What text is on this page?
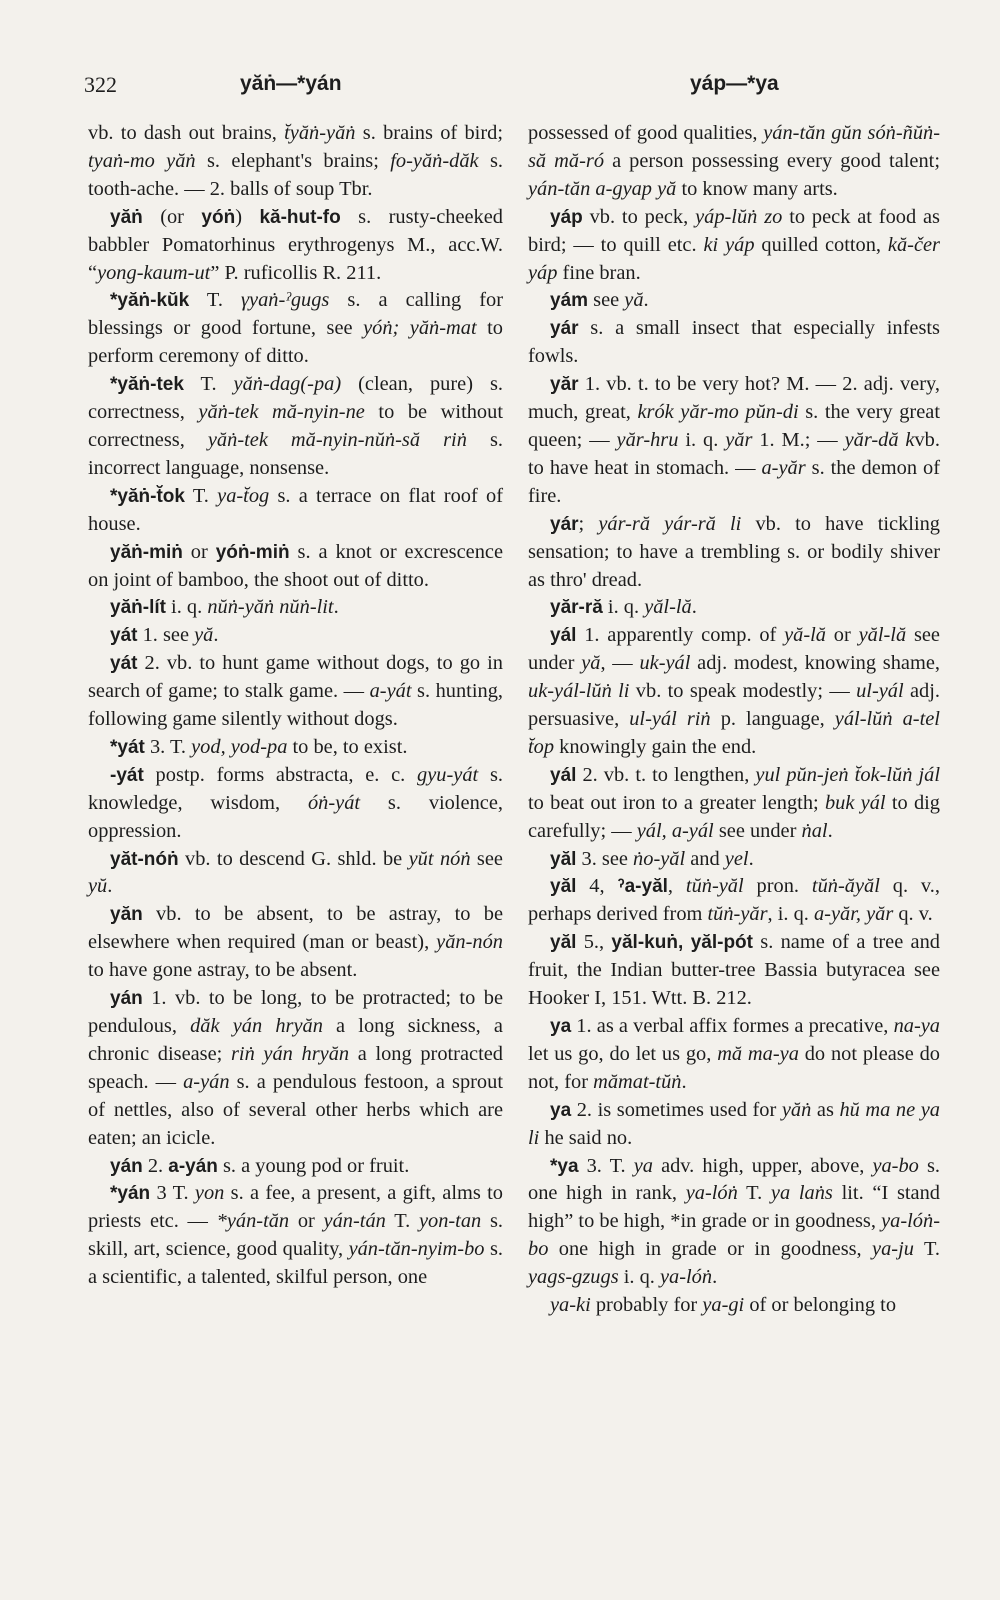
322	yăṅ—*yán	yáp—*ya

vb. to dash out brains, t̆yăṅ-yăṅ s. brains of bird; tyaṅ-mo yăṅ s. elephant's brains; fo-yăṅ-dăk s. tooth-ache. — 2. balls of soup Tbr.

yăṅ (or yóṅ) kă-hut-fo s. rusty-cheeked babbler Pomatorhinus erythrogenys M., acc.W. “yong-kaum-ut” P. ruficollis R. 211.

*yăṅ-kŭk T. γyaṅ-ˀgugs s. a calling for blessings or good fortune, see yóṅ; yăṅ-mat to perform ceremony of ditto.

*yăṅ-tek T. yăṅ-dag(-pa) (clean, pure) s. correctness, yăṅ-tek mă-nyin-ne to be without correctness, yăṅ-tek mă-nyin-nŭṅ-să riṅ s. incorrect language, nonsense.

*yăṅ-t̆ok T. ya-t̆og s. a terrace on flat roof of house.

yăṅ-miṅ or yóṅ-miṅ s. a knot or excrescence on joint of bamboo, the shoot out of ditto.

yăṅ-lít i. q. nŭṅ-yăṅ nŭṅ-lit.

yát 1. see yă.

yát 2. vb. to hunt game without dogs, to go in search of game; to stalk game. — a-yát s. hunting, following game silently without dogs.

*yát 3. T. yod, yod-pa to be, to exist.

-yát postp. forms abstracta, e. c. gyu-yát s. knowledge, wisdom, óṅ-yát s. violence, oppression.

yăt-nóṅ vb. to descend G. shld. be yŭt nóṅ see yŭ.

yăn vb. to be absent, to be astray, to be elsewhere when required (man or beast), yăn-nón to have gone astray, to be absent.

yán 1. vb. to be long, to be protracted; to be pendulous, dăk yán hryăn a long sickness, a chronic disease; riṅ yán hryăn a long protracted speach. — a-yán s. a pendulous festoon, a sprout of nettles, also of several other herbs which are eaten; an icicle.

yán 2. a-yán s. a young pod or fruit.

*yán 3 T. yon s. a fee, a present, a gift, alms to priests etc. — *yán-tăn or yán-tán T. yon-tan s. skill, art, science, good quality, yán-tăn-nyim-bo s. a scientific, a talented, skilful person, one

possessed of good qualities, yán-tăn gŭn sóṅ-ñŭṅ-să mă-ró a person possessing every good talent; yán-tăn a-gyap yă to know many arts.

yáp vb. to peck, yáp-lŭṅ zo to peck at food as bird; — to quill etc. ki yáp quilled cotton, kă-čer yáp fine bran.

yám see yă.

yár s. a small insect that especially infests fowls.

yăr 1. vb. t. to be very hot? M. — 2. adj. very, much, great, krók yăr-mo pŭn-di s. the very great queen; — yăr-hru i. q. yăr 1. M.; — yăr-dă kvb. to have heat in stomach. — a-yăr s. the demon of fire.

yár; yár-ră yár-ră li vb. to have tickling sensation; to have a trembling s. or bodily shiver as thro' dread.

yăr-ră i. q. yăl-lă.

yál 1. apparently comp. of yă-lă or yăl-lă see under yă, — uk-yál adj. modest, knowing shame, uk-yál-lŭṅ li vb. to speak modestly; — ul-yál adj. persuasive, ul-yál riṅ p. language, yál-lŭṅ a-tel t̆op knowingly gain the end.

yál 2. vb. t. to lengthen, yul pŭn-jeṅ t̆ok-lŭṅ jál to beat out iron to a greater length; buk yál to dig carefully; — yál, a-yál see under ṅal.

yăl 3. see ṅo-yăl and yel.

yăl 4, ˀa-yăl, tŭṅ-yăl pron. tŭṅ-ăyăl q. v., perhaps derived from tŭṅ-yăr, i. q. a-yăr, yăr q. v.

yăl 5., yăl-kuṅ, yăl-pót s. name of a tree and fruit, the Indian butter-tree Bassia butyracea see Hooker I, 151. Wtt. B. 212.

ya 1. as a verbal affix formes a precative, na-ya let us go, do let us go, mă ma-ya do not please do not, for mămat-tŭṅ.

ya 2. is sometimes used for yăṅ as hŭ ma ne ya li he said no.

*ya 3. T. ya adv. high, upper, above, ya-bo s. one high in rank, ya-lóṅ T. ya laṅs lit. “I stand high” to be high, *in grade or in goodness, ya-lóṅ-bo one high in grade or in goodness, ya-ju T. yags-gzugs i. q. ya-lóṅ.

ya-ki probably for ya-gi of or belonging to
